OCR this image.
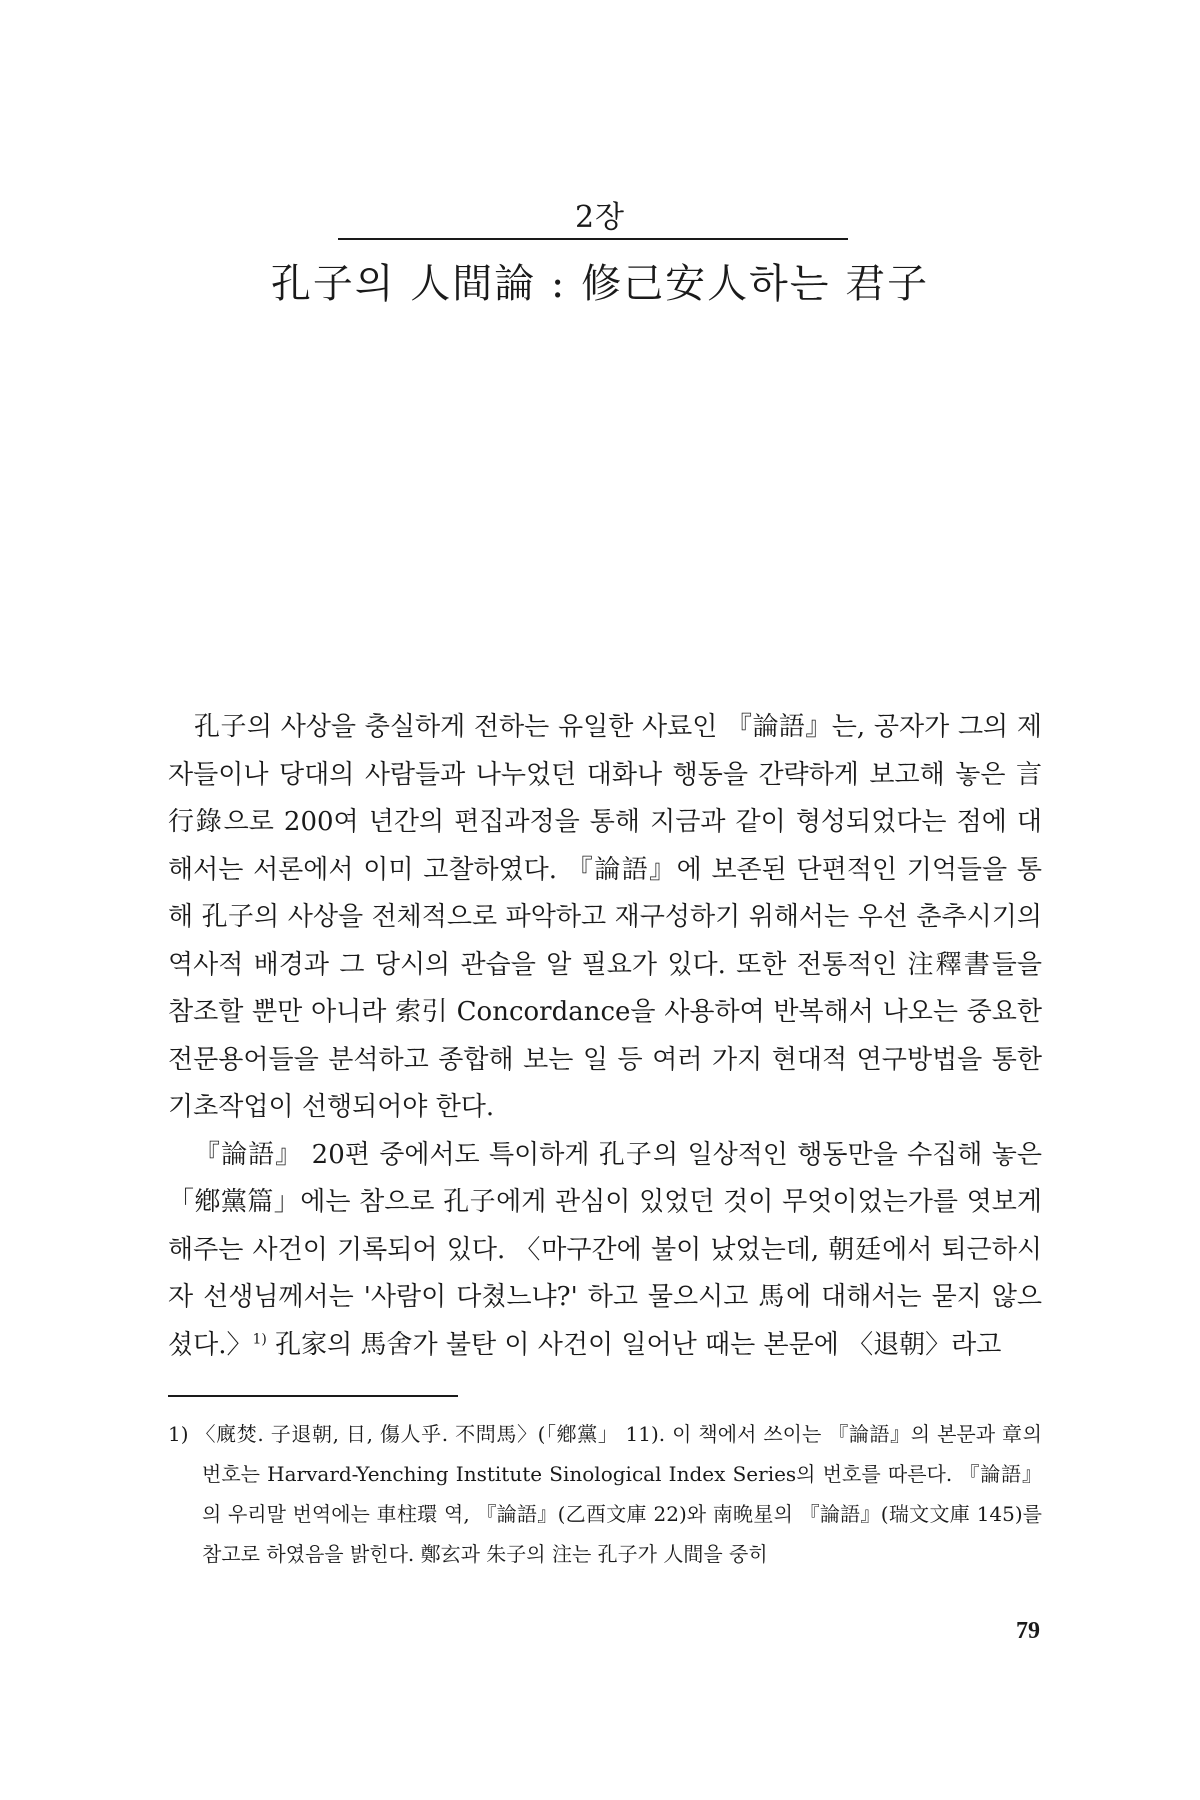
2장
孔子의 人間論 : 修己安人하는 君子

孔子의 사상을 충실하게 전하는 유일한 사료인 『論語』는, 공자가 그의 제자들이나 당대의 사람들과 나누었던 대화나 행동을 간략하게 보고해 놓은 言行錄으로 200여 년간의 편집과정을 통해 지금과 같이 형성되었다는 점에 대해서는 서론에서 이미 고찰하였다. 『論語』에 보존된 단편적인 기억들을 통해 孔子의 사상을 전체적으로 파악하고 재구성하기 위해서는 우선 춘추시기의 역사적 배경과 그 당시의 관습을 알 필요가 있다. 또한 전통적인 注釋書들을 참조할 뿐만 아니라 索引 Concordance을 사용하여 반복해서 나오는 중요한 전문용어들을 분석하고 종합해 보는 일 등 여러 가지 현대적 연구방법을 통한 기초작업이 선행되어야 한다.

『論語』 20편 중에서도 특이하게 孔子의 일상적인 행동만을 수집해 놓은 「鄕黨篇」에는 참으로 孔子에게 관심이 있었던 것이 무엇이었는가를 엿보게 해주는 사건이 기록되어 있다. 〈마구간에 불이 났었는데, 朝廷에서 퇴근하시자 선생님께서는 '사람이 다쳤느냐?' 하고 물으시고 馬에 대해서는 묻지 않으셨다.〉$^{1)}$ 孔家의 馬舍가 불탄 이 사건이 일어난 때는 본문에 〈退朝〉라고

1) 〈廐焚. 子退朝, 日, 傷人乎. 不問馬〉(「鄕黨」 11). 이 책에서 쓰이는 『論語』의 본문과 章의 번호는 Harvard-Yenching Institute Sinological Index Series의 번호를 따른다. 『論語』의 우리말 번역에는 車柱環 역, 『論語』(乙酉文庫 22)와 南晩星의 『論語』(瑞文文庫 145)를 참고로 하였음을 밝힌다. 鄭玄과 朱子의 注는 孔子가 人間을 중히
79
